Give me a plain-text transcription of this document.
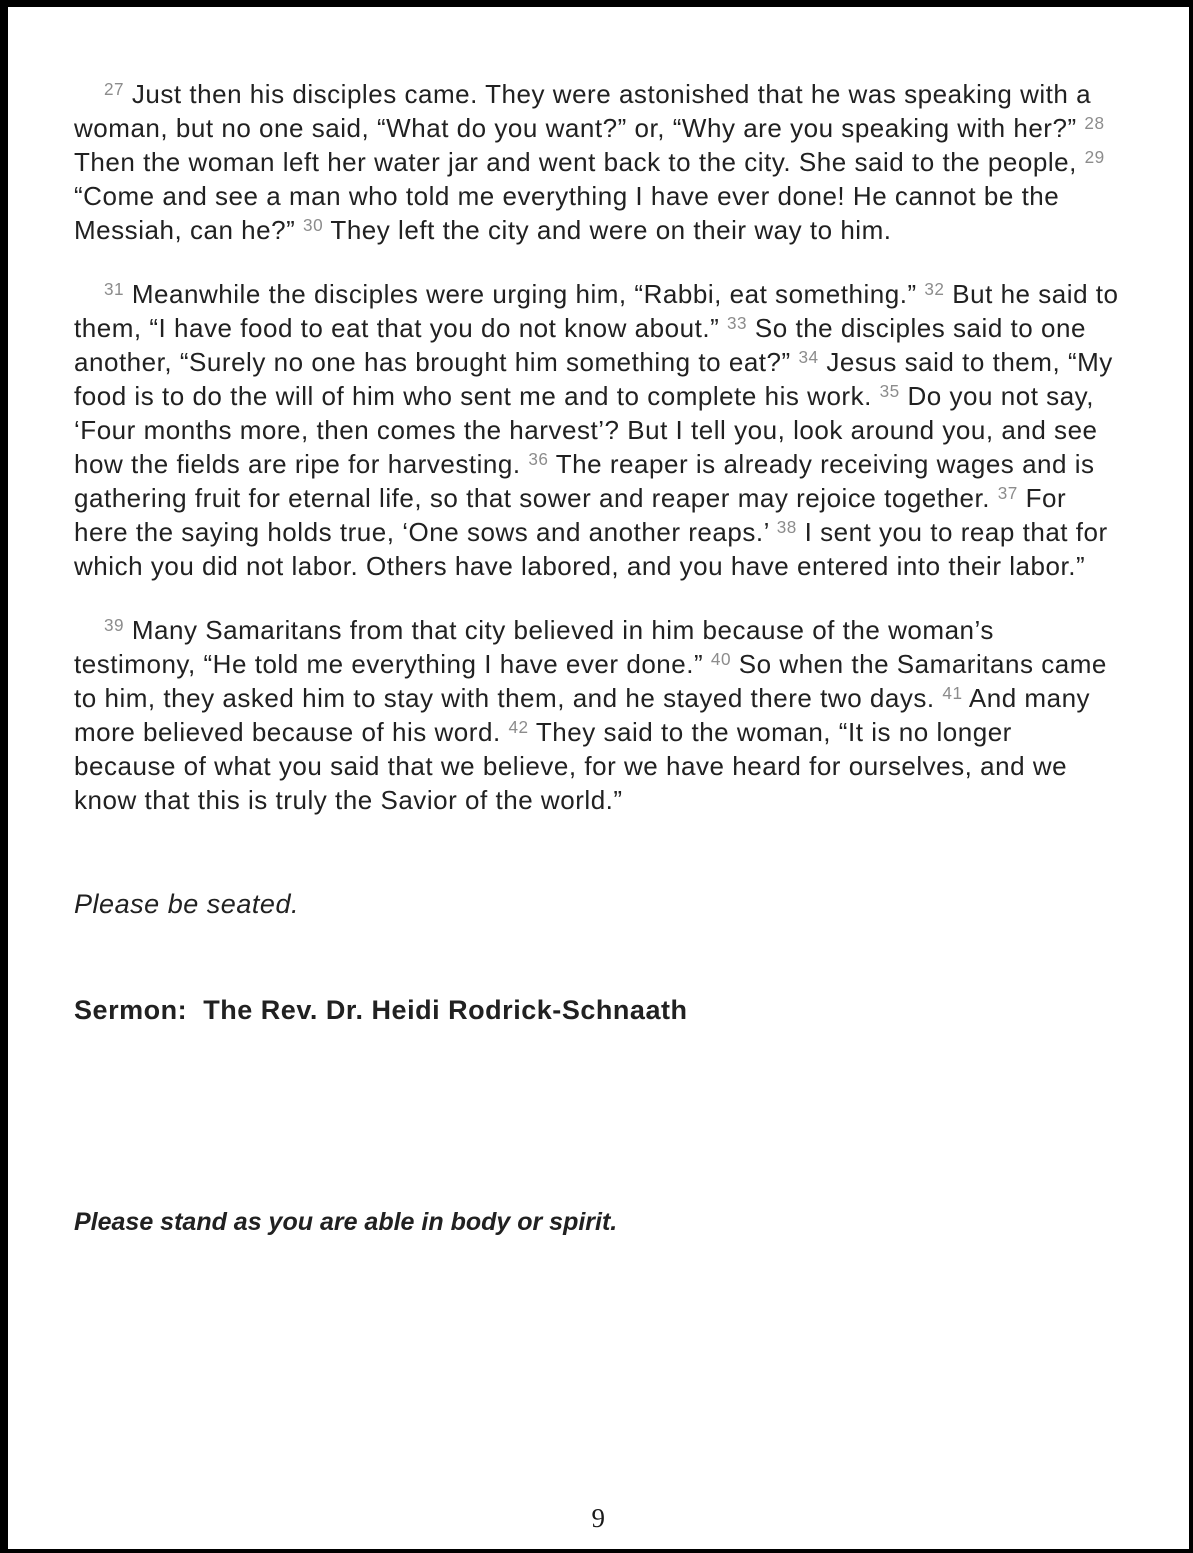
$^{27}$ Just then his disciples came. They were astonished that he was speaking with a woman, but no one said, “What do you want?” or, “Why are you speaking with her?” $^{28}$ Then the woman left her water jar and went back to the city. She said to the people, $^{29}$ “Come and see a man who told me everything I have ever done! He cannot be the Messiah, can he?” $^{30}$ They left the city and were on their way to him.

$^{31}$ Meanwhile the disciples were urging him, “Rabbi, eat something.” $^{32}$ But he said to them, “I have food to eat that you do not know about.” $^{33}$ So the disciples said to one another, “Surely no one has brought him something to eat?” $^{34}$ Jesus said to them, “My food is to do the will of him who sent me and to complete his work. $^{35}$ Do you not say, ‘Four months more, then comes the harvest’? But I tell you, look around you, and see how the fields are ripe for harvesting. $^{36}$ The reaper is already receiving wages and is gathering fruit for eternal life, so that sower and reaper may rejoice together. $^{37}$ For here the saying holds true, ‘One sows and another reaps.’ $^{38}$ I sent you to reap that for which you did not labor. Others have labored, and you have entered into their labor.”

$^{39}$ Many Samaritans from that city believed in him because of the woman’s testimony, “He told me everything I have ever done.” $^{40}$ So when the Samaritans came to him, they asked him to stay with them, and he stayed there two days. $^{41}$ And many more believed because of his word. $^{42}$ They said to the woman, “It is no longer because of what you said that we believe, for we have heard for ourselves, and we know that this is truly the Savior of the world.”

Please be seated.

Sermon:  The Rev. Dr. Heidi Rodrick-Schnaath

Please stand as you are able in body or spirit.

9
